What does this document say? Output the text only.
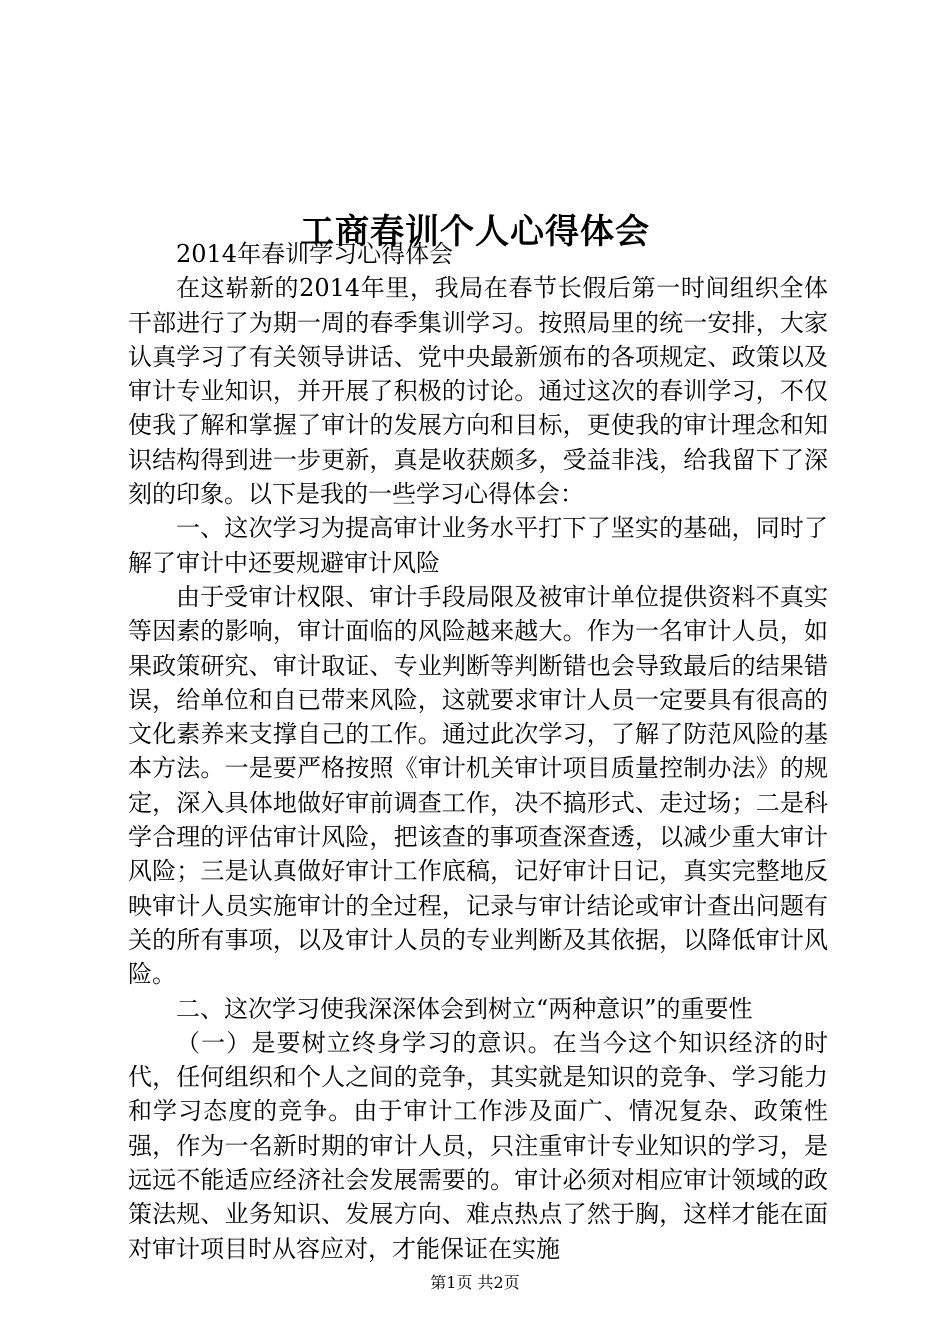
工商春训个人心得体会

2014年春训学习心得体会

在这崭新的2014年里，我局在春节长假后第一时间组织全体干部进行了为期一周的春季集训学习。按照局里的统一安排，大家认真学习了有关领导讲话、党中央最新颁布的各项规定、政策以及审计专业知识，并开展了积极的讨论。通过这次的春训学习，不仅使我了解和掌握了审计的发展方向和目标，更使我的审计理念和知识结构得到进一步更新，真是收获颇多，受益非浅，给我留下了深刻的印象。以下是我的一些学习心得体会：

一、这次学习为提高审计业务水平打下了坚实的基础，同时了解了审计中还要规避审计风险

由于受审计权限、审计手段局限及被审计单位提供资料不真实等因素的影响，审计面临的风险越来越大。作为一名审计人员，如果政策研究、审计取证、专业判断等判断错也会导致最后的结果错误，给单位和自已带来风险，这就要求审计人员一定要具有很高的文化素养来支撑自己的工作。通过此次学习，了解了防范风险的基本方法。一是要严格按照《审计机关审计项目质量控制办法》的规定，深入具体地做好审前调查工作，决不搞形式、走过场；二是科学合理的评估审计风险，把该查的事项查深查透，以减少重大审计风险；三是认真做好审计工作底稿，记好审计日记，真实完整地反映审计人员实施审计的全过程，记录与审计结论或审计查出问题有关的所有事项，以及审计人员的专业判断及其依据，以降低审计风险。

二、这次学习使我深深体会到树立“两种意识”的重要性

（一）是要树立终身学习的意识。在当今这个知识经济的时代，任何组织和个人之间的竞争，其实就是知识的竞争、学习能力和学习态度的竞争。由于审计工作涉及面广、情况复杂、政策性强，作为一名新时期的审计人员，只注重审计专业知识的学习，是远远不能适应经济社会发展需要的。审计必须对相应审计领域的政策法规、业务知识、发展方向、难点热点了然于胸，这样才能在面对审计项目时从容应对，才能保证在实施

第1页 共2页
